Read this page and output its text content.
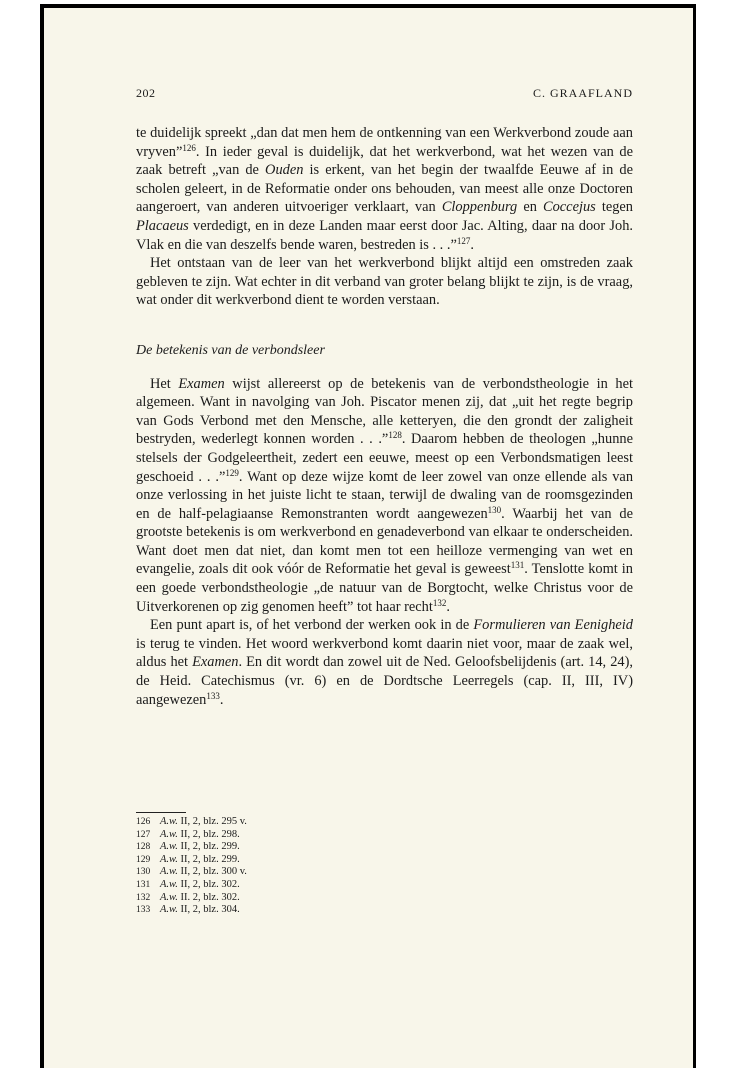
202	C. GRAAFLAND

te duidelijk spreekt „dan dat men hem de ontkenning van een Werkverbond zoude aan vryven”$^{126}$. In ieder geval is duidelijk, dat het werkverbond, wat het wezen van de zaak betreft „van de Ouden is erkent, van het begin der twaalfde Eeuwe af in de scholen geleert, in de Reformatie onder ons behouden, van meest alle onze Doctoren aangeroert, van anderen uitvoeriger verklaart, van Cloppenburg en Coccejus tegen Placaeus verdedigt, en in deze Landen maar eerst door Jac. Alting, daar na door Joh. Vlak en die van deszelfs bende waren, bestreden is . . .”$^{127}$.

Het ontstaan van de leer van het werkverbond blijkt altijd een omstreden zaak gebleven te zijn. Wat echter in dit verband van groter belang blijkt te zijn, is de vraag, wat onder dit werkverbond dient te worden verstaan.

De betekenis van de verbondsleer

Het Examen wijst allereerst op de betekenis van de verbondstheologie in het algemeen. Want in navolging van Joh. Piscator menen zij, dat „uit het regte begrip van Gods Verbond met den Mensche, alle ketteryen, die den grondt der zaligheit bestryden, wederlegt konnen worden . . .”$^{128}$. Daarom hebben de theologen „hunne stelsels der Godgeleertheit, zedert een eeuwe, meest op een Verbondsmatigen leest geschoeid . . .”$^{129}$. Want op deze wijze komt de leer zowel van onze ellende als van onze verlossing in het juiste licht te staan, terwijl de dwaling van de roomsgezinden en de half-pelagiaanse Remonstranten wordt aangewezen$^{130}$. Waarbij het van de grootste betekenis is om werkverbond en genadeverbond van elkaar te onderscheiden. Want doet men dat niet, dan komt men tot een heilloze vermenging van wet en evangelie, zoals dit ook vóór de Reformatie het geval is geweest$^{131}$. Tenslotte komt in een goede verbondstheologie „de natuur van de Borgtocht, welke Christus voor de Uitverkorenen op zig genomen heeft” tot haar recht$^{132}$.

Een punt apart is, of het verbond der werken ook in de Formulieren van Eenigheid is terug te vinden. Het woord werkverbond komt daarin niet voor, maar de zaak wel, aldus het Examen. En dit wordt dan zowel uit de Ned. Geloofsbelijdenis (art. 14, 24), de Heid. Catechismus (vr. 6) en de Dordtsche Leerregels (cap. II, III, IV) aangewezen$^{133}$.

126 A.w. II, 2, blz. 295 v.
127 A.w. II, 2, blz. 298.
128 A.w. II, 2, blz. 299.
129 A.w. II, 2, blz. 299.
130 A.w. II, 2, blz. 300 v.
131 A.w. II, 2, blz. 302.
132 A.w. II. 2, blz. 302.
133 A.w. II, 2, blz. 304.
